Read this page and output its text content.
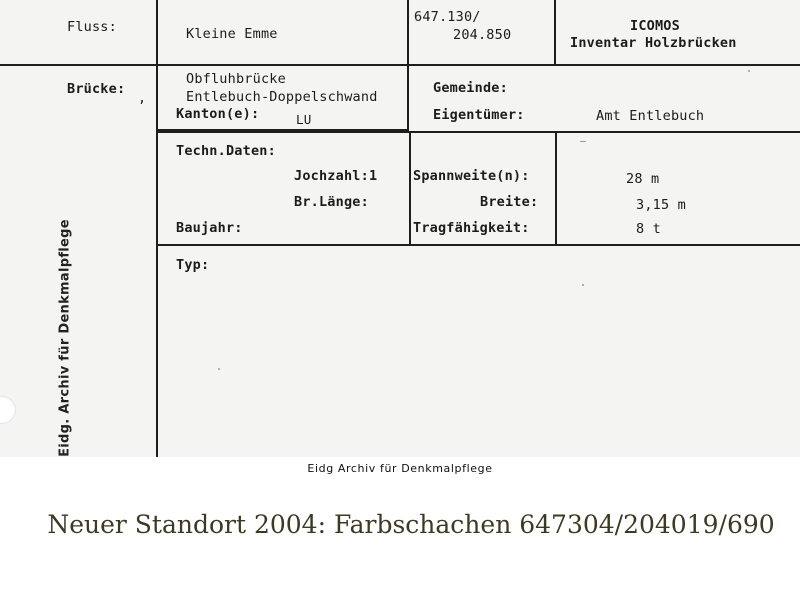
Fluss:	Kleine Emme
647.130/
204.850
ICOMOS
Inventar Holzbrücken
Brücke:
,
Obfluhbrücke
Entlebuch-Doppelschwand
Kanton(e):	LU
Gemeinde:
Eigentümer:	Amt Entlebuch
Techn.Daten:
Jochzahl:1	Spannweite(n):	28 m
Br.Länge:	Breite:	3,15 m
Baujahr:	Tragfähigkeit:	8 t
Typ:
Eidg. Archiv für Denkmalpflege
Eidg Archiv für Denkmalpflege
Neuer Standort 2004: Farbschachen 647304/204019/690
